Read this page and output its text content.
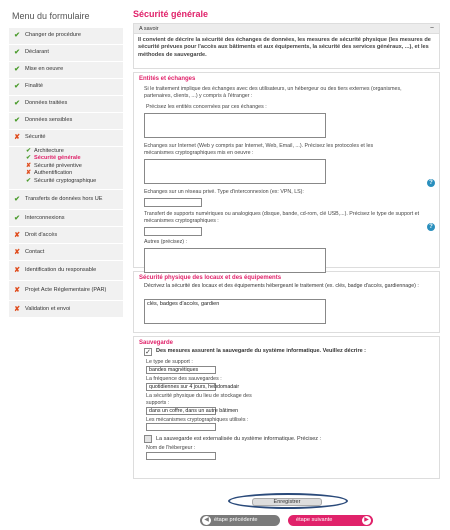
Menu du formulaire
✔ Changer de procédure
✔ Déclarant
✔ Mise en oeuvre
✔ Finalité
✔ Données traitées
✔ Données sensibles
✘ Sécurité
✔ Architecture
✔ Sécurité générale
✘ Sécurité préventive
✘ Authentification
✔ Sécurité cryptographique
✔ Transferts de données hors UE
✔ Interconnexions
✘ Droit d'accès
✘ Contact
✘ Identification du responsable
✘ Projet Acte Réglementaire (PAR)
✘ Validation et envoi
Sécurité générale
A savoir	−
Il convient de décrire la sécurité des échanges de données, les mesures de sécurité physique (les mesures de sécurité prévues pour l'accès aux bâtiments et aux équipements, la sécurité des services généraux, ...), et les méthodes de sauvegarde.
Entités et échanges
Si le traitement implique des échanges avec des utilisateurs, un hébergeur ou des tiers externes (organismes, partenaires, clients, ...) y compris à l'étranger :
Précisez les entités concernées par ces échanges :
Echanges sur Internet (Web y compris par Internet, Web, Email, ...). Précisez les protocoles et les mécanismes cryptographiques mis en oeuvre :
?
Echanges sur un réseau privé. Type d'interconnexion (ex: VPN, LS):
?
Transfert de supports numériques ou analogiques (disque, bande, cd-rom, clé USB,...). Précisez le type de support et mécanismes cryptographiques :
Autres (précisez) :
Sécurité physique des locaux et des équipements
Décrivez la sécurité des locaux et des équipements hébergeant le traitement (ex. clés, badge d'accès, gardiennage) :
clés, badges d'accès, gardien
Sauvegarde
✓ Des mesures assurent la sauvegarde du système informatique. Veuillez décrire :
Le type de support :
bandes magnétiques
La fréquence des sauvegardes :
quotidiennes sur 4 jours, hebdomadair
La sécurité physique du lieu de stockage des supports :
dans un coffre, dans un autre bâtimen
Les mécanismes cryptographiques utilisés :
La sauvegarde est externalisée du système informatique. Précisez :
Nom de l'hébergeur :
Enregistrer
◀ étape précédente	étape suivante	▶
